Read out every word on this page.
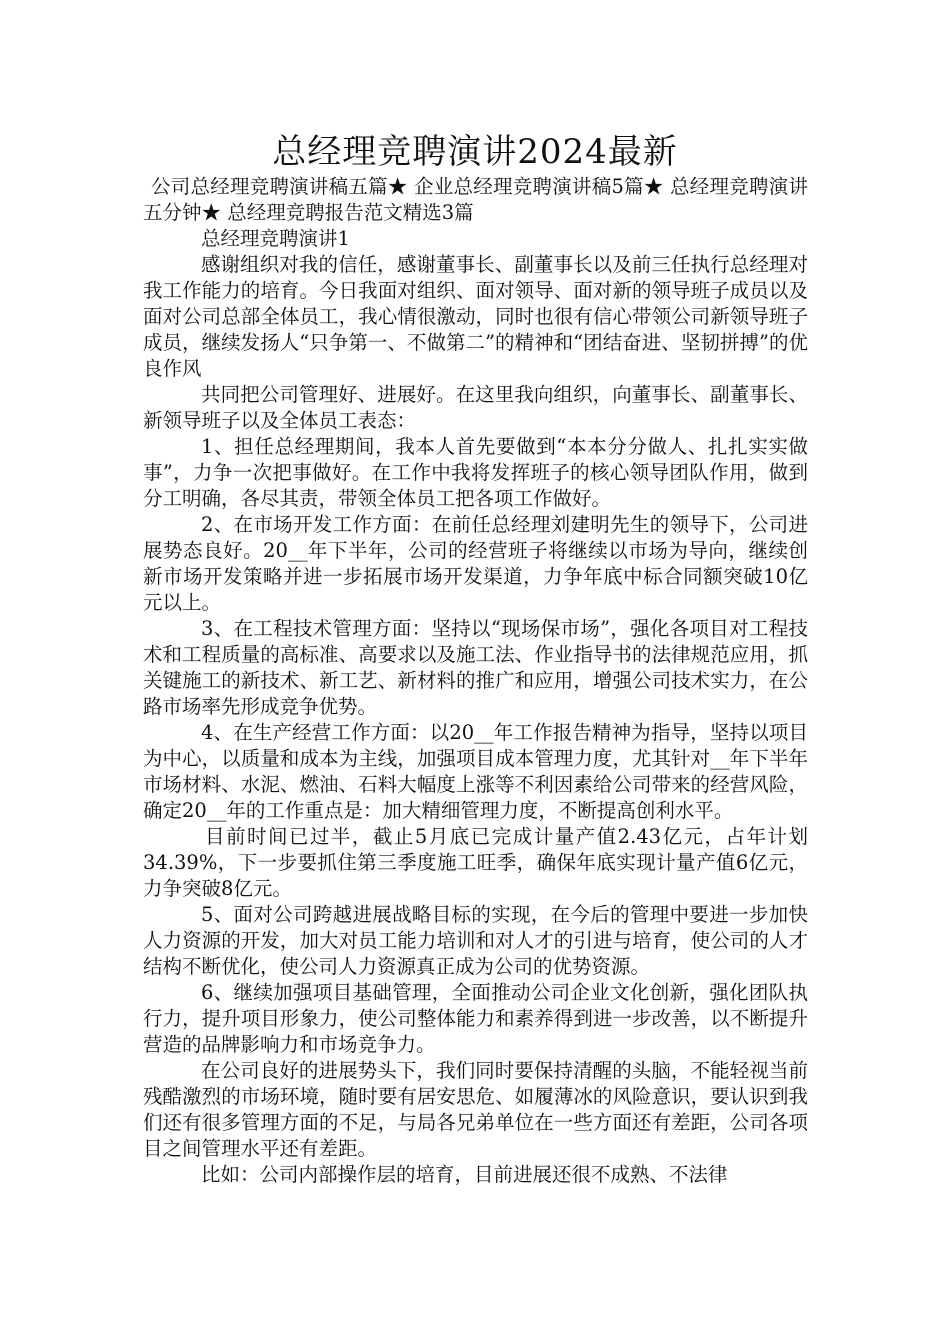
总经理竞聘演讲2024最新

公司总经理竞聘演讲稿五篇★ 企业总经理竞聘演讲稿5篇★ 总经理竞聘演讲五分钟★ 总经理竞聘报告范文精选3篇

总经理竞聘演讲1

感谢组织对我的信任，感谢董事长、副董事长以及前三任执行总经理对我工作能力的培育。今日我面对组织、面对领导、面对新的领导班子成员以及面对公司总部全体员工，我心情很激动，同时也很有信心带领公司新领导班子成员，继续发扬人“只争第一、不做第二”的精神和“团结奋进、坚韧拼搏”的优良作风

共同把公司管理好、进展好。在这里我向组织，向董事长、副董事长、新领导班子以及全体员工表态：

1、担任总经理期间，我本人首先要做到“本本分分做人、扎扎实实做事”，力争一次把事做好。在工作中我将发挥班子的核心领导团队作用，做到分工明确，各尽其责，带领全体员工把各项工作做好。

2、在市场开发工作方面：在前任总经理刘建明先生的领导下，公司进展势态良好。20__年下半年，公司的经营班子将继续以市场为导向，继续创新市场开发策略并进一步拓展市场开发渠道，力争年底中标合同额突破10亿元以上。

3、在工程技术管理方面：坚持以“现场保市场”，强化各项目对工程技术和工程质量的高标准、高要求以及施工法、作业指导书的法律规范应用，抓关键施工的新技术、新工艺、新材料的推广和应用，增强公司技术实力，在公路市场率先形成竞争优势。

4、在生产经营工作方面：以20__年工作报告精神为指导，坚持以项目为中心，以质量和成本为主线，加强项目成本管理力度，尤其针对__年下半年市场材料、水泥、燃油、石料大幅度上涨等不利因素给公司带来的经营风险，确定20__年的工作重点是：加大精细管理力度，不断提高创利水平。

目前时间已过半，截止5月底已完成计量产值2.43亿元，占年计划34.39%，下一步要抓住第三季度施工旺季，确保年底实现计量产值6亿元，力争突破8亿元。

5、面对公司跨越进展战略目标的实现，在今后的管理中要进一步加快人力资源的开发，加大对员工能力培训和对人才的引进与培育，使公司的人才结构不断优化，使公司人力资源真正成为公司的优势资源。

6、继续加强项目基础管理，全面推动公司企业文化创新，强化团队执行力，提升项目形象力，使公司整体能力和素养得到进一步改善，以不断提升营造的品牌影响力和市场竞争力。

在公司良好的进展势头下，我们同时要保持清醒的头脑，不能轻视当前残酷激烈的市场环境，随时要有居安思危、如履薄冰的风险意识，要认识到我们还有很多管理方面的不足，与局各兄弟单位在一些方面还有差距，公司各项目之间管理水平还有差距。

比如：公司内部操作层的培育，目前进展还很不成熟、不法律
